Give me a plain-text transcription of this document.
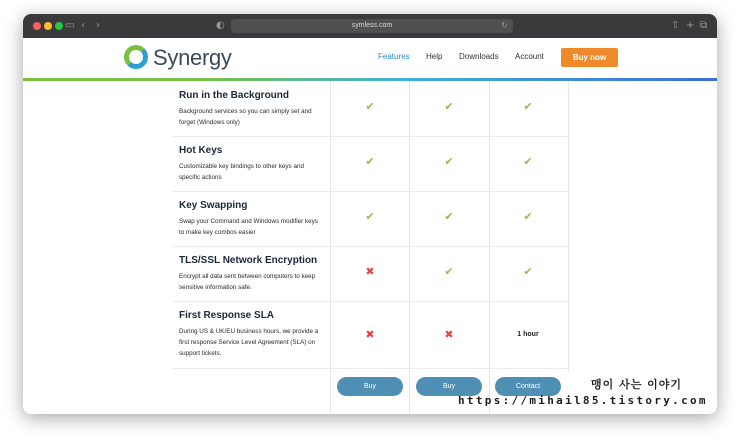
▭ ‹ ›	◐	symless.com	↻	⇧ + ⧉
Synergy	Features Help Downloads Account	Buy now
Run in the Background
Background services so you can simply set and
forget (Windows only)
✔	✔	✔
Hot Keys
Customizable key bindings to other keys and
specific actions
✔	✔	✔
Key Swapping
Swap your Command and Windows modifier keys
to make key combos easier
✔	✔	✔
TLS/SSL Network Encryption
Encrypt all data sent between computers to keep
sensitive information safe.
✖	✔	✔
First Response SLA
During US & UK/EU business hours, we provide a
first response Service Level Agreement (SLA) on
support tickets.
✖	✖	1 hour
Buy	Buy	Contact	맹이 사는 이야기
https://mihail85.tistory.com
